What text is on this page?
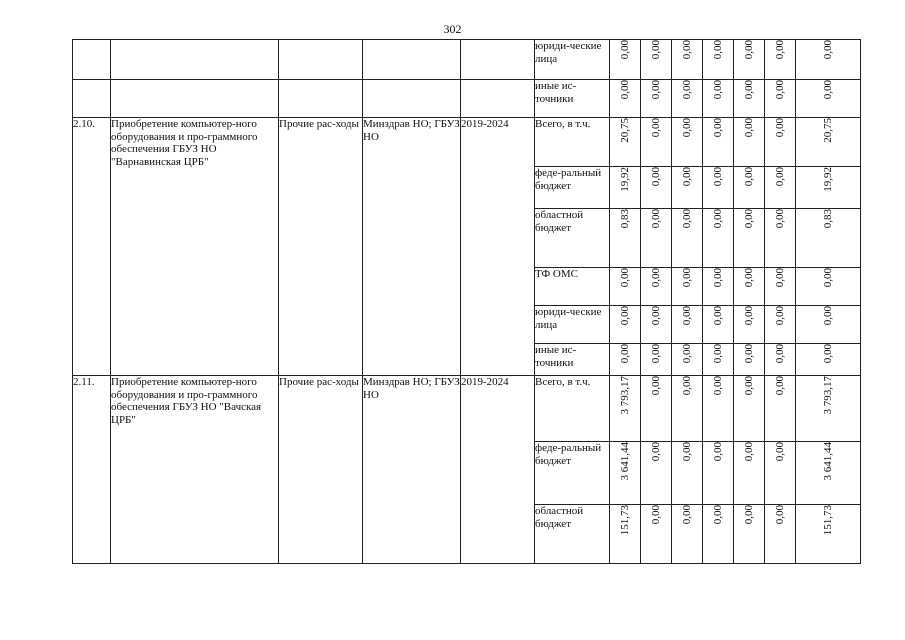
302
					юриди-ческие лица	0,00	0,00	0,00	0,00	0,00	0,00	0,00
					иные ис-точники	0,00	0,00	0,00	0,00	0,00	0,00	0,00
2.10.	Приобретение компьютер-ного оборудования и про-граммного обеспечения ГБУЗ НО "Варнавинская ЦРБ"	Прочие рас-ходы	Минздрав НО; ГБУЗ НО	2019-2024	Всего, в т.ч.	20,75	0,00	0,00	0,00	0,00	0,00	20,75
					феде-ральный бюджет	19,92	0,00	0,00	0,00	0,00	0,00	19,92
					областной бюджет	0,83	0,00	0,00	0,00	0,00	0,00	0,83
					ТФ ОМС	0,00	0,00	0,00	0,00	0,00	0,00	0,00
					юриди-ческие лица	0,00	0,00	0,00	0,00	0,00	0,00	0,00
					иные ис-точники	0,00	0,00	0,00	0,00	0,00	0,00	0,00
2.11.	Приобретение компьютер-ного оборудования и про-граммного обеспечения ГБУЗ НО "Вачская ЦРБ"	Прочие рас-ходы	Минздрав НО; ГБУЗ НО	2019-2024	Всего, в т.ч.	3 793,17	0,00	0,00	0,00	0,00	0,00	3 793,17
					феде-ральный бюджет	3 641,44	0,00	0,00	0,00	0,00	0,00	3 641,44
					областной бюджет	151,73	0,00	0,00	0,00	0,00	0,00	151,73
